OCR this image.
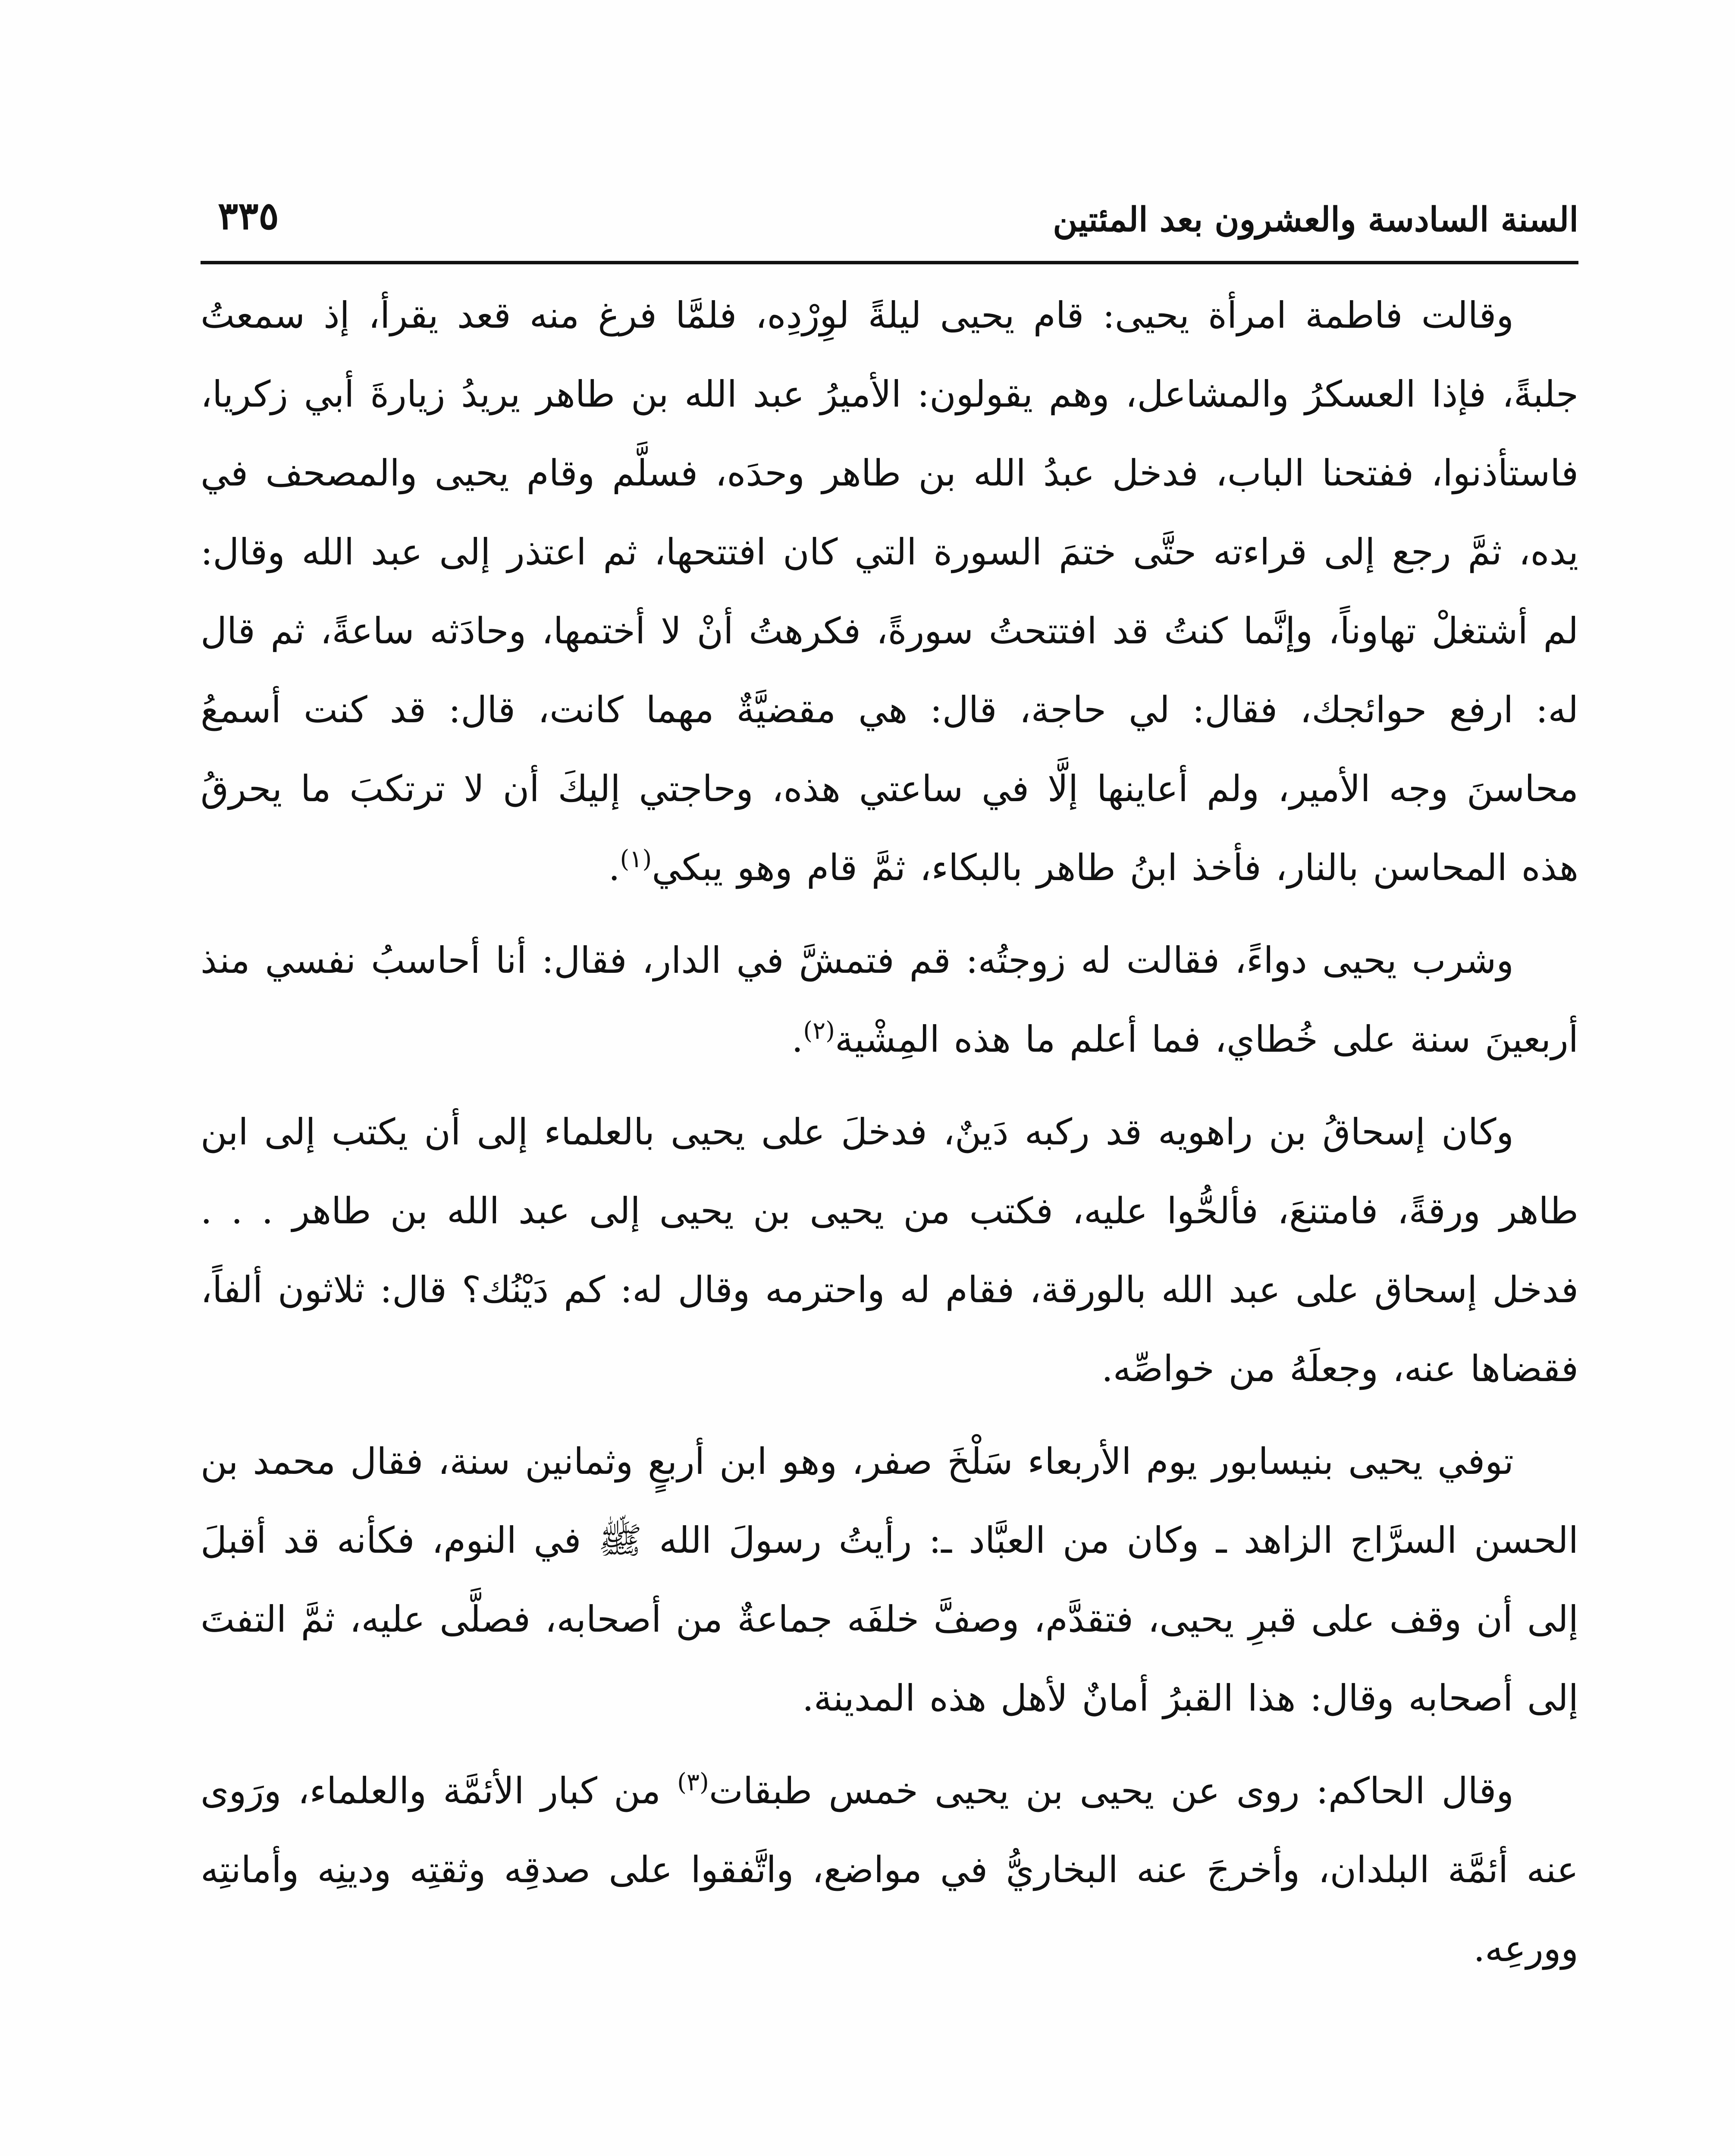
السنة السادسة والعشرون بعد المئتين
٣٣٥

وقالت فاطمة امرأة يحيى: قام يحيى ليلةً لوِرْدِه، فلمَّا فرغ منه قعد يقرأ، إذ سمعتُ جلبةً، فإذا العسكرُ والمشاعل، وهم يقولون: الأميرُ عبد الله بن طاهر يريدُ زيارةَ أبي زكريا، فاستأذنوا، ففتحنا الباب، فدخل عبدُ الله بن طاهر وحدَه، فسلَّم وقام يحيى والمصحف في يده، ثمَّ رجع إلى قراءته حتَّى ختمَ السورة التي كان افتتحها، ثم اعتذر إلى عبد الله وقال: لم أشتغلْ تهاوناً، وإنَّما كنتُ قد افتتحتُ سورةً، فكرهتُ أنْ لا أختمها، وحادَثه ساعةً، ثم قال له: ارفع حوائجك، فقال: لي حاجة، قال: هي مقضيَّةٌ مهما كانت، قال: قد كنت أسمعُ محاسنَ وجه الأمير، ولم أعاينها إلَّا في ساعتي هذه، وحاجتي إليكَ أن لا ترتكبَ ما يحرقُ هذه المحاسن بالنار، فأخذ ابنُ طاهر بالبكاء، ثمَّ قام وهو يبكي$^{(١)}$.

وشرب يحيى دواءً، فقالت له زوجتُه: قم فتمشَّ في الدار، فقال: أنا أحاسبُ نفسي منذ أربعينَ سنة على خُطاي، فما أعلم ما هذه المِشْية$^{(٢)}$.

وكان إسحاقُ بن راهويه قد ركبه دَينٌ، فدخلَ على يحيى بالعلماء إلى أن يكتب إلى ابن طاهر ورقةً، فامتنعَ، فألحُّوا عليه، فكتب من يحيى بن يحيى إلى عبد الله بن طاهر . . . فدخل إسحاق على عبد الله بالورقة، فقام له واحترمه وقال له: كم دَيْنُك؟ قال: ثلاثون ألفاً، فقضاها عنه، وجعلَهُ من خواصِّه.

توفي يحيى بنيسابور يوم الأربعاء سَلْخَ صفر، وهو ابن أربعٍ وثمانين سنة، فقال محمد بن الحسن السرَّاج الزاهد ـ وكان من العبَّاد ـ: رأيتُ رسولَ الله ﷺ في النوم، فكأنه قد أقبلَ إلى أن وقف على قبرِ يحيى، فتقدَّم، وصفَّ خلفَه جماعةٌ من أصحابه، فصلَّى عليه، ثمَّ التفتَ إلى أصحابه وقال: هذا القبرُ أمانٌ لأهل هذه المدينة.

وقال الحاكم: روى عن يحيى بن يحيى خمس طبقات$^{(٣)}$ من كبار الأئمَّة والعلماء، ورَوى عنه أئمَّة البلدان، وأخرجَ عنه البخاريُّ في مواضع، واتَّفقوا على صدقِه وثقتِه ودينِه وأمانتِه وورعِه.
